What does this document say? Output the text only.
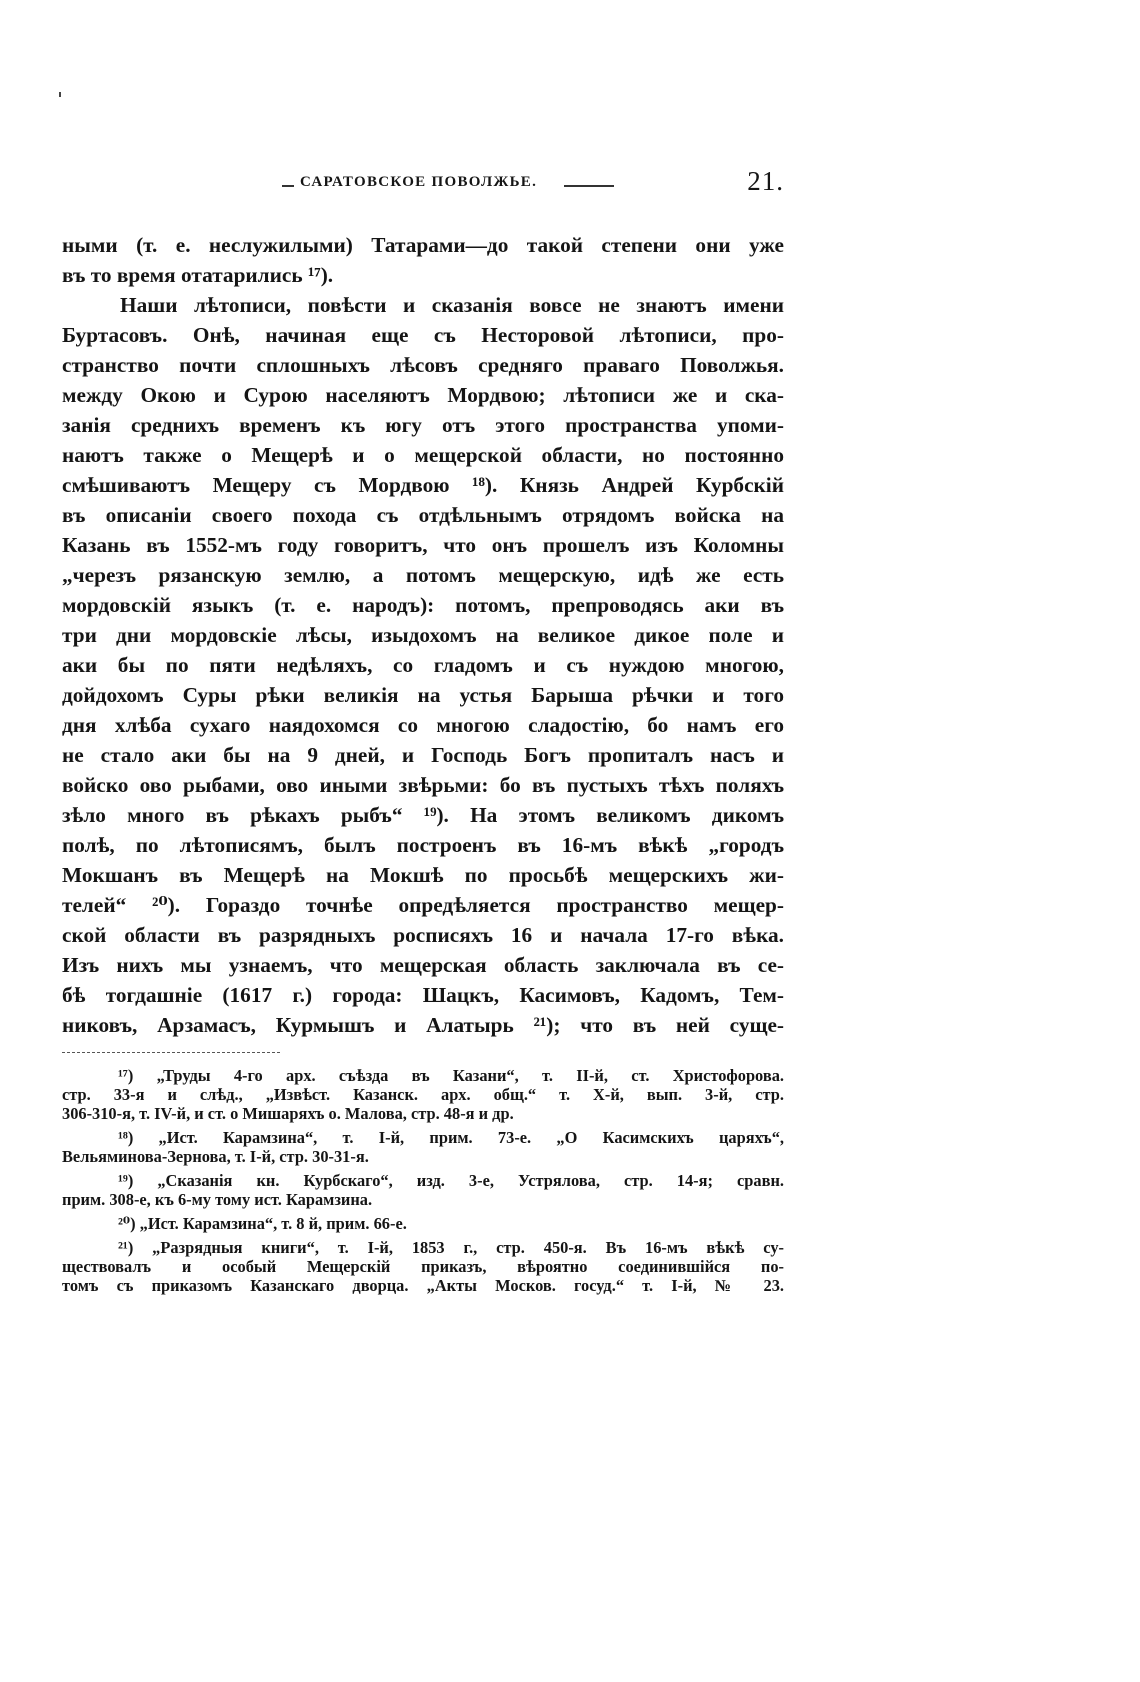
САРАТОВСКОЕ ПОВОЛЖЬЕ.	21.
ными (т. е. неслужилыми) Татарами—до такой степени они уже
въ то время отатарились ¹⁷).
Наши лѣтописи, повѣсти и сказанія вовсе не знаютъ имени
Буртасовъ. Онѣ, начиная еще съ Несторовой лѣтописи, про-
странство почти сплошныхъ лѣсовъ средняго праваго Поволжья.
между Окою и Сурою населяютъ Мордвою; лѣтописи же и ска-
занія среднихъ временъ къ югу отъ этого пространства упоми-
наютъ также о Мещерѣ и о мещерской области, но постоянно
смѣшиваютъ Мещеру съ Мордвою ¹⁸). Князь Андрей Курбскій
въ описаніи своего похода съ отдѣльнымъ отрядомъ войска на
Казань въ 1552-мъ году говоритъ, что онъ прошелъ изъ Коломны
„черезъ рязанскую землю, а потомъ мещерскую, идѣ же есть
мордовскій языкъ (т. е. народъ): потомъ, препроводясь аки въ
три дни мордовскіе лѣсы, изыдохомъ на великое дикое поле и
аки бы по пяти недѣляхъ, со гладомъ и съ нуждою многою,
дойдохомъ Суры рѣки великія на устья Барыша рѣчки и того
дня хлѣба сухаго наядохомся со многою сладостію, бо намъ его
не стало аки бы на 9 дней, и Господь Богъ пропиталъ насъ и
войско ово рыбами, ово иными звѣрьми: бо въ пустыхъ тѣхъ поляхъ
зѣло много въ рѣкахъ рыбъ“ ¹⁹). На этомъ великомъ дикомъ
полѣ, по лѣтописямъ, былъ построенъ въ 16-мъ вѣкѣ „городъ
Мокшанъ въ Мещерѣ на Мокшѣ по просьбѣ мещерскихъ жи-
телей“ ²⁰). Гораздо точнѣе опредѣляется пространство мещер-
ской области въ разрядныхъ росписяхъ 16 и начала 17-го вѣка.
Изъ нихъ мы узнаемъ, что мещерская область заключала въ се-
бѣ тогдашніе (1617 г.) города: Шацкъ, Касимовъ, Кадомъ, Тем-
никовъ, Арзамасъ, Курмышъ и Алатырь ²¹); что въ ней суще-
¹⁷) „Труды 4-го арх. съѣзда въ Казани“, т. II-й, ст. Христофорова.
стр. 33-я и слѣд., „Извѣст. Казанск. арх. общ.“ т. X-й, вып. 3-й, стр.
306-310-я, т. IV-й, и ст. о Мишаряхъ о. Малова, стр. 48-я и др.
¹⁸) „Ист. Карамзина“, т. I-й, прим. 73-е. „О Касимскихъ царяхъ“,
Вельяминова-Зернова, т. I-й, стр. 30-31-я.
¹⁹) „Сказанія кн. Курбскаго“, изд. 3-е, Устрялова, стр. 14-я; сравн.
прим. 308-е, къ 6-му тому ист. Карамзина.
²⁰) „Ист. Карамзина“, т. 8 й, прим. 66-е.
²¹) „Разрядныя книги“, т. I-й, 1853 г., стр. 450-я. Въ 16-мъ вѣкѣ су-
ществовалъ и особый Мещерскій приказъ, вѣроятно соединившійся по-
томъ съ приказомъ Казанскаго дворца. „Акты Москов. госуд.“ т. I-й, № 23.
